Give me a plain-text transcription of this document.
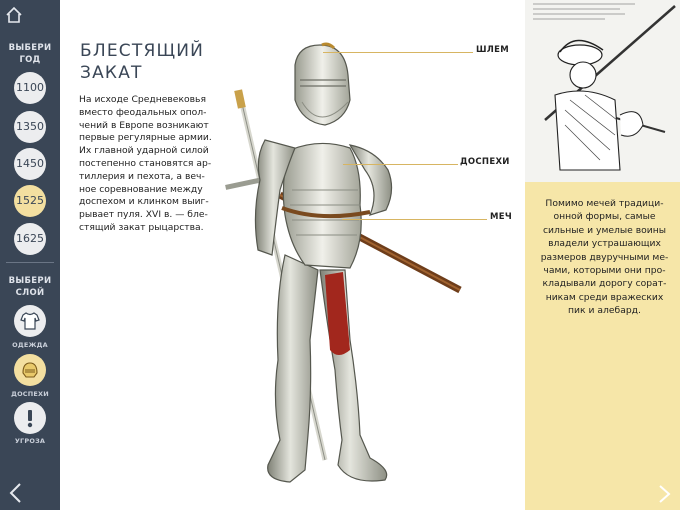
ВЫБЕРИ
ГОД
1100
1350
1450
1525
1625
ВЫБЕРИ
СЛОЙ
ОДЕЖДА
ДОСПЕХИ
УГРОЗА
БЛЕСТЯЩИЙ
ЗАКАТ
На исходе Средневековья
вместо феодальных опол-
чений в Европе возникают
первые регулярные армии.
Их главной ударной силой
постепенно становятся ар-
тиллерия и пехота, а веч-
ное соревнование между
доспехом и клинком выиг-
рывает пуля. XVI в. — бле-
стящий закат рыцарства.
ШЛЕМ
ДОСПЕХИ
МЕЧ
Помимо мечей традици-
онной формы, самые
сильные и умелые воины
владели устрашающих
размеров двуручными ме-
чами, которыми они про-
кладывали дорогу сорат-
никам среди вражеских
пик и алебард.
